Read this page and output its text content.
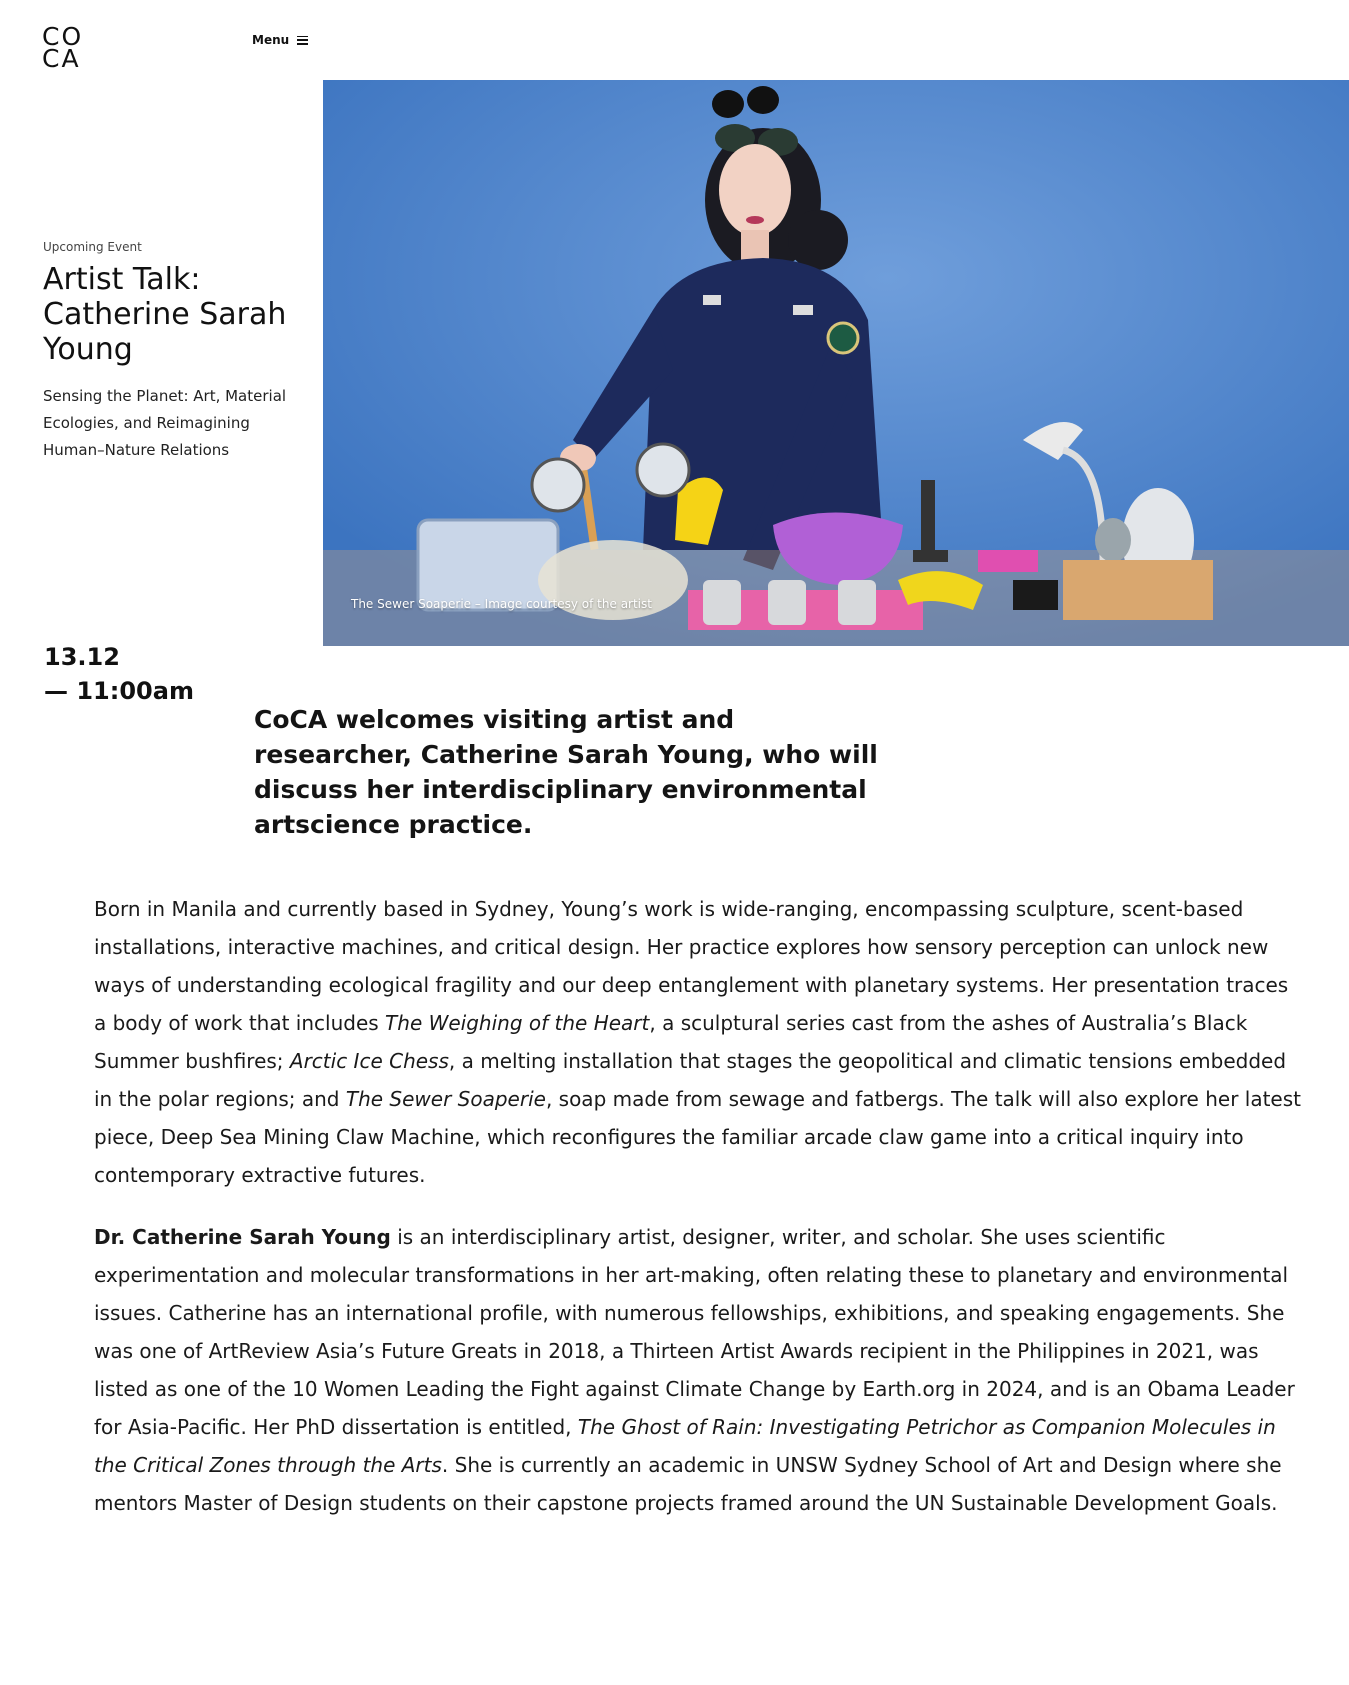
CO
CA
Menu
Upcoming Event
Artist Talk: Catherine Sarah Young
Sensing the Planet: Art, Material Ecologies, and Reimagining Human–Nature Relations
13.12
— 11:00am
The Sewer Soaperie – Image courtesy of the artist

CoCA welcomes visiting artist and researcher, Catherine Sarah Young, who will discuss her interdisciplinary environmental artscience practice.

Born in Manila and currently based in Sydney, Young’s work is wide-ranging, encompassing sculpture, scent-based installations, interactive machines, and critical design. Her practice explores how sensory perception can unlock new ways of understanding ecological fragility and our deep entanglement with planetary systems. Her presentation traces a body of work that includes The Weighing of the Heart, a sculptural series cast from the ashes of Australia’s Black Summer bushfires; Arctic Ice Chess, a melting installation that stages the geopolitical and climatic tensions embedded in the polar regions; and The Sewer Soaperie, soap made from sewage and fatbergs. The talk will also explore her latest piece, Deep Sea Mining Claw Machine, which reconfigures the familiar arcade claw game into a critical inquiry into contemporary extractive futures.

Dr. Catherine Sarah Young is an interdisciplinary artist, designer, writer, and scholar. She uses scientific experimentation and molecular transformations in her art-making, often relating these to planetary and environmental issues. Catherine has an international profile, with numerous fellowships, exhibitions, and speaking engagements. She was one of ArtReview Asia’s Future Greats in 2018, a Thirteen Artist Awards recipient in the Philippines in 2021, was listed as one of the 10 Women Leading the Fight against Climate Change by Earth.org in 2024, and is an Obama Leader for Asia-Pacific. Her PhD dissertation is entitled, The Ghost of Rain: Investigating Petrichor as Companion Molecules in the Critical Zones through the Arts. She is currently an academic in UNSW Sydney School of Art and Design where she mentors Master of Design students on their capstone projects framed around the UN Sustainable Development Goals.
